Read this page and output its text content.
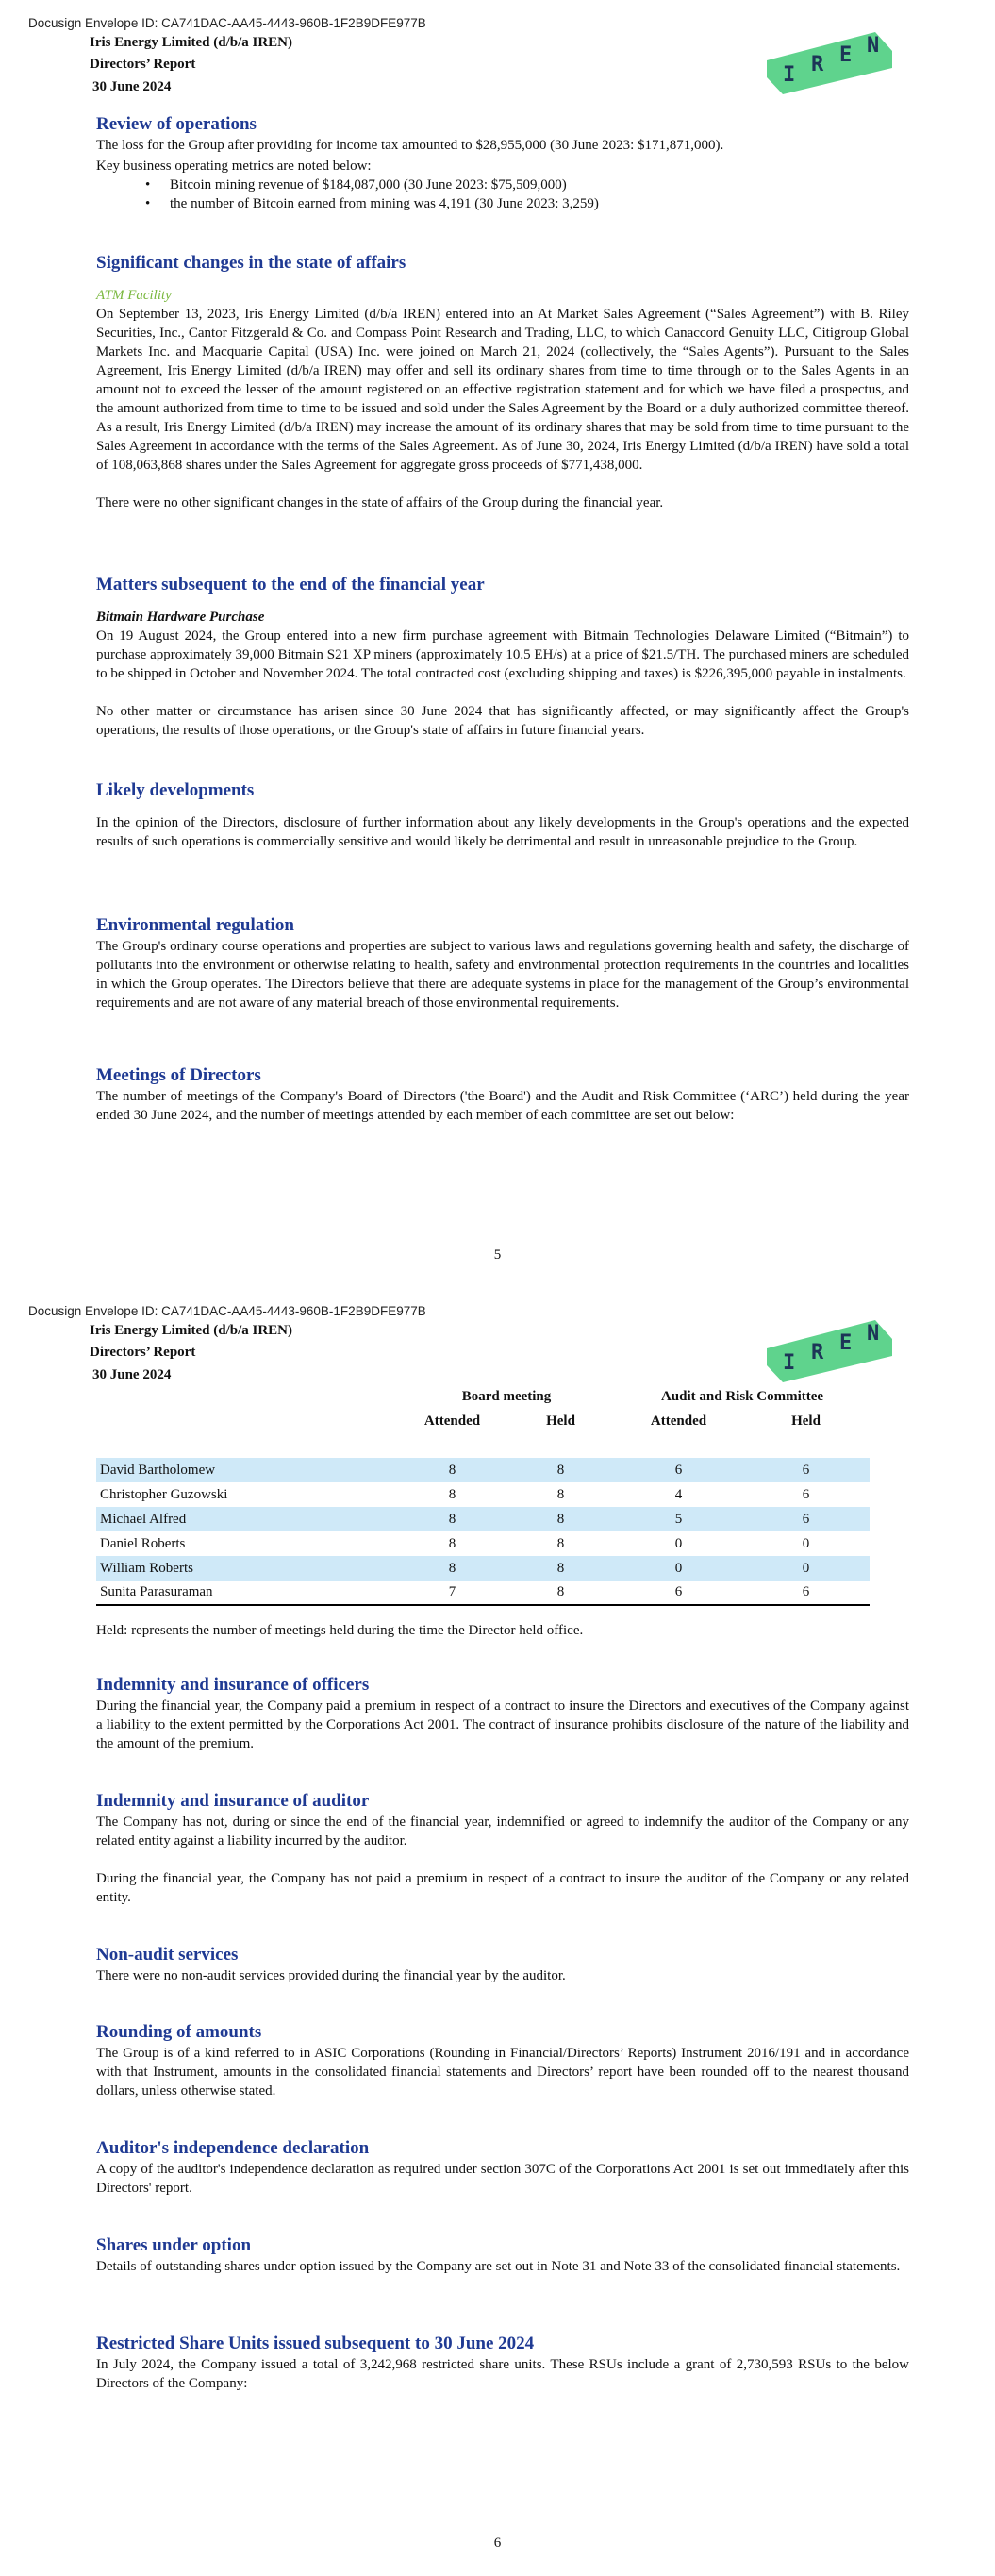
Docusign Envelope ID: CA741DAC-AA45-4443-960B-1F2B9DFE977B
Iris Energy Limited (d/b/a IREN)
Directors’ Report
30 June 2024	I R E N
Review of operations

The loss for the Group after providing for income tax amounted to $28,955,000 (30 June 2023: $171,871,000).

Key business operating metrics are noted below:

• Bitcoin mining revenue of $184,087,000 (30 June 2023: $75,509,000)
• the number of Bitcoin earned from mining was 4,191 (30 June 2023: 3,259)
Significant changes in the state of affairs

ATM Facility

On September 13, 2023, Iris Energy Limited (d/b/a IREN) entered into an At Market Sales Agreement (“Sales Agreement”) with B. Riley Securities, Inc., Cantor Fitzgerald & Co. and Compass Point Research and Trading, LLC, to which Canaccord Genuity LLC, Citigroup Global Markets Inc. and Macquarie Capital (USA) Inc. were joined on March 21, 2024 (collectively, the “Sales Agents”). Pursuant to the Sales Agreement, Iris Energy Limited (d/b/a IREN) may offer and sell its ordinary shares from time to time through or to the Sales Agents in an amount not to exceed the lesser of the amount registered on an effective registration statement and for which we have filed a prospectus, and the amount authorized from time to time to be issued and sold under the Sales Agreement by the Board or a duly authorized committee thereof. As a result, Iris Energy Limited (d/b/a IREN) may increase the amount of its ordinary shares that may be sold from time to time pursuant to the Sales Agreement in accordance with the terms of the Sales Agreement. As of June 30, 2024, Iris Energy Limited (d/b/a IREN) have sold a total of 108,063,868 shares under the Sales Agreement for aggregate gross proceeds of $771,438,000.

There were no other significant changes in the state of affairs of the Group during the financial year.

Matters subsequent to the end of the financial year

Bitmain Hardware Purchase

On 19 August 2024, the Group entered into a new firm purchase agreement with Bitmain Technologies Delaware Limited (“Bitmain”) to purchase approximately 39,000 Bitmain S21 XP miners (approximately 10.5 EH/s) at a price of $21.5/TH. The purchased miners are scheduled to be shipped in October and November 2024. The total contracted cost (excluding shipping and taxes) is $226,395,000 payable in instalments.

No other matter or circumstance has arisen since 30 June 2024 that has significantly affected, or may significantly affect the Group's operations, the results of those operations, or the Group's state of affairs in future financial years.

Likely developments

In the opinion of the Directors, disclosure of further information about any likely developments in the Group's operations and the expected results of such operations is commercially sensitive and would likely be detrimental and result in unreasonable prejudice to the Group.

Environmental regulation

The Group's ordinary course operations and properties are subject to various laws and regulations governing health and safety, the discharge of pollutants into the environment or otherwise relating to health, safety and environmental protection requirements in the countries and localities in which the Group operates. The Directors believe that there are adequate systems in place for the management of the Group’s environmental requirements and are not aware of any material breach of those environmental requirements.

Meetings of Directors

The number of meetings of the Company's Board of Directors ('the Board') and the Audit and Risk Committee (‘ARC’) held during the year ended 30 June 2024, and the number of meetings attended by each member of each committee are set out below:

5
Docusign Envelope ID: CA741DAC-AA45-4443-960B-1F2B9DFE977B
Iris Energy Limited (d/b/a IREN)
Directors’ Report
30 June 2024	I R E N
	Board meeting		Audit and Risk Committee	
	Attended	Held	Attended	Held

David Bartholomew	8	8	6	6
Christopher Guzowski	8	8	4	6
Michael Alfred	8	8	5	6
Daniel Roberts	8	8	0	0
William Roberts	8	8	0	0
Sunita Parasuraman	7	8	6	6
Held: represents the number of meetings held during the time the Director held office.
Indemnity and insurance of officers

During the financial year, the Company paid a premium in respect of a contract to insure the Directors and executives of the Company against a liability to the extent permitted by the Corporations Act 2001. The contract of insurance prohibits disclosure of the nature of the liability and the amount of the premium.

Indemnity and insurance of auditor

The Company has not, during or since the end of the financial year, indemnified or agreed to indemnify the auditor of the Company or any related entity against a liability incurred by the auditor.

During the financial year, the Company has not paid a premium in respect of a contract to insure the auditor of the Company or any related entity.

Non-audit services

There were no non-audit services provided during the financial year by the auditor.

Rounding of amounts

The Group is of a kind referred to in ASIC Corporations (Rounding in Financial/Directors’ Reports) Instrument 2016/191 and in accordance with that Instrument, amounts in the consolidated financial statements and Directors’ report have been rounded off to the nearest thousand dollars, unless otherwise stated.

Auditor's independence declaration

A copy of the auditor's independence declaration as required under section 307C of the Corporations Act 2001 is set out immediately after this Directors' report.

Shares under option

Details of outstanding shares under option issued by the Company are set out in Note 31 and Note 33 of the consolidated financial statements.

Restricted Share Units issued subsequent to 30 June 2024

In July 2024, the Company issued a total of 3,242,968 restricted share units. These RSUs include a grant of 2,730,593 RSUs to the below Directors of the Company:

6
